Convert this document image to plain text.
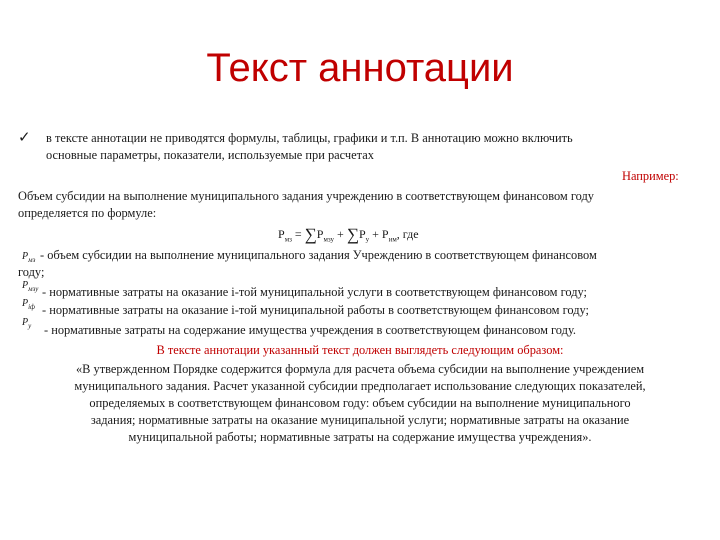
Текст аннотации
✓ в тексте аннотации не приводятся формулы, таблицы, графики и т.п. В аннотацию можно включить
основные параметры, показатели, используемые при расчетах
Например:
Объем субсидии на выполнение муниципального задания учреждению в соответствующем финансовом году
определяется по формуле:
$P_{мз} = \sum P_{мзу} + \sum P_у + P_{им}$, где
$P_{мз}$ - объем субсидии на выполнение муниципального задания Учреждению в соответствующем финансовом
году;
$P_{мзу}$ - нормативные затраты на оказание i-той муниципальной услуги в соответствующем финансовом году;
$P_{iф}$ - нормативные затраты на оказание i-той муниципальной работы в соответствующем финансовом году;
$P_у$ - нормативные затраты на содержание имущества учреждения в соответствующем финансовом году.
В тексте аннотации указанный текст должен выглядеть следующим образом:
«В утвержденном Порядке содержится формула для расчета объема субсидии на выполнение учреждением
муниципального задания. Расчет указанной субсидии предполагает использование следующих показателей,
определяемых в соответствующем финансовом году: объем субсидии на выполнение муниципального
задания; нормативные затраты на оказание муниципальной услуги; нормативные затраты на оказание
муниципальной работы; нормативные затраты на содержание имущества учреждения».
